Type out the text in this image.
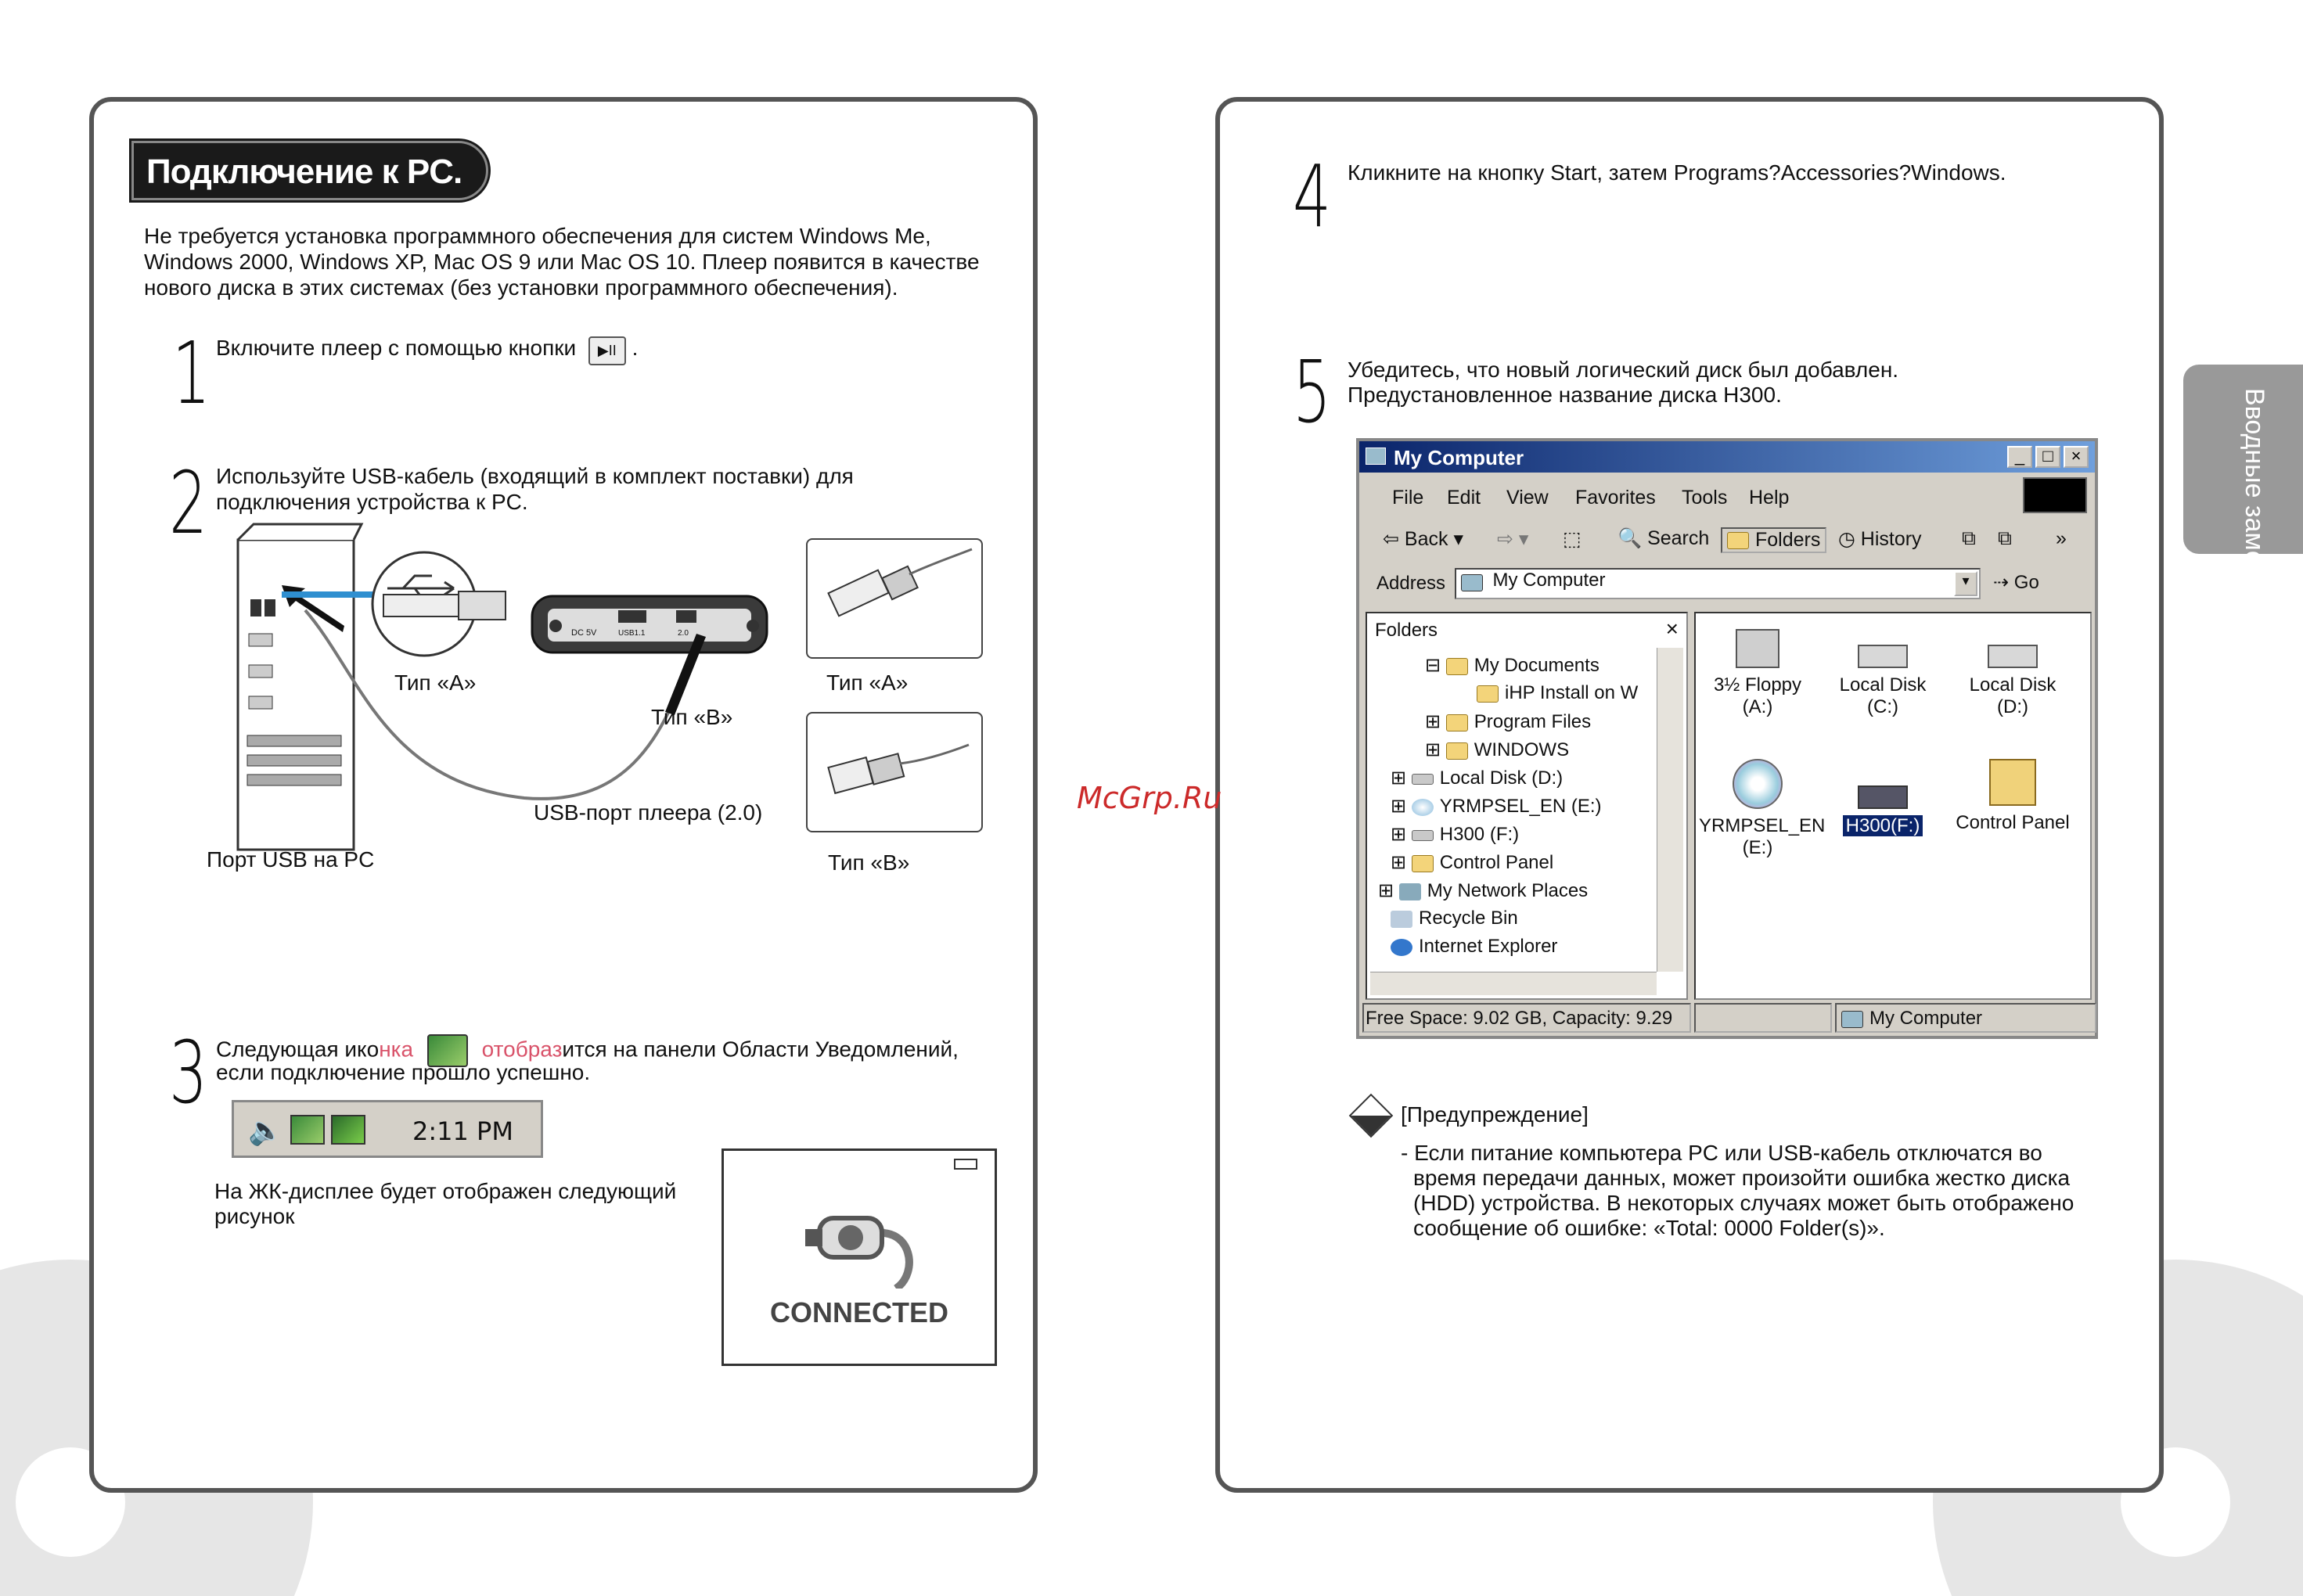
Подключение к PC.
Не требуется установка программного обеспечения для систем Windows Me,
Windows 2000, Windows XP, Mac OS 9 или Mac OS 10. Плеер появится в качестве
нового диска в этих системах (без установки программного обеспечения).
1 Включите плеер с помощью кнопки ▶II .
2 Используйте USB-кабель (входящий в комплект поставки) для
подключения устройства к PC.
DC 5V	USB1.1	2.0
Тип «A»
Тип «B»
USB-порт плеера (2.0)
Порт USB на PC
Тип «A»
Тип «B»
3 Следующая иконка	отобразится на панели Области Уведомлений,
если подключение прошло успешно.
🔈	2:11 PM
На ЖК-дисплее будет отображен следующий
рисунок
CONNECTED
4 Кликните на кнопку Start, затем Programs?Accessories?Windows.
5 Убедитесь, что новый логический диск был добавлен.
Предустановленное название диска H300.
My Computer	_	□	×
File Edit View Favorites Tools Help
⇦ Back ▾ ⇨ ▾ ⬚ 🔍 Search	Folders ◷ History ⧉ ⧉ »
Address	My Computer	▾	⇢ Go
Folders	×
⊟ My Documents
iHP Install on W
⊞ Program Files
⊞ WINDOWS
⊞ Local Disk (D:)
⊞ YRMPSEL_EN (E:)
⊞ H300 (F:)
⊞ Control Panel
⊞ My Network Places
Recycle Bin
Internet Explorer
3½ Floppy (A:)
Local Disk (C:)
Local Disk (D:)
YRMPSEL_EN (E:)
H300(F:)	Control Panel
Free Space: 9.02 GB, Capacity: 9.29	My Computer
[Предупреждение]
- Если питание компьютера PC или USB-кабель отключатся во
время передачи данных, может произойти ошибка жестко диска
(HDD) устройства. В некоторых случаях может быть отображено
сообщение об ошибке: «Total: 0000 Folder(s)».
Вводные замечания
McGrp.Ru
